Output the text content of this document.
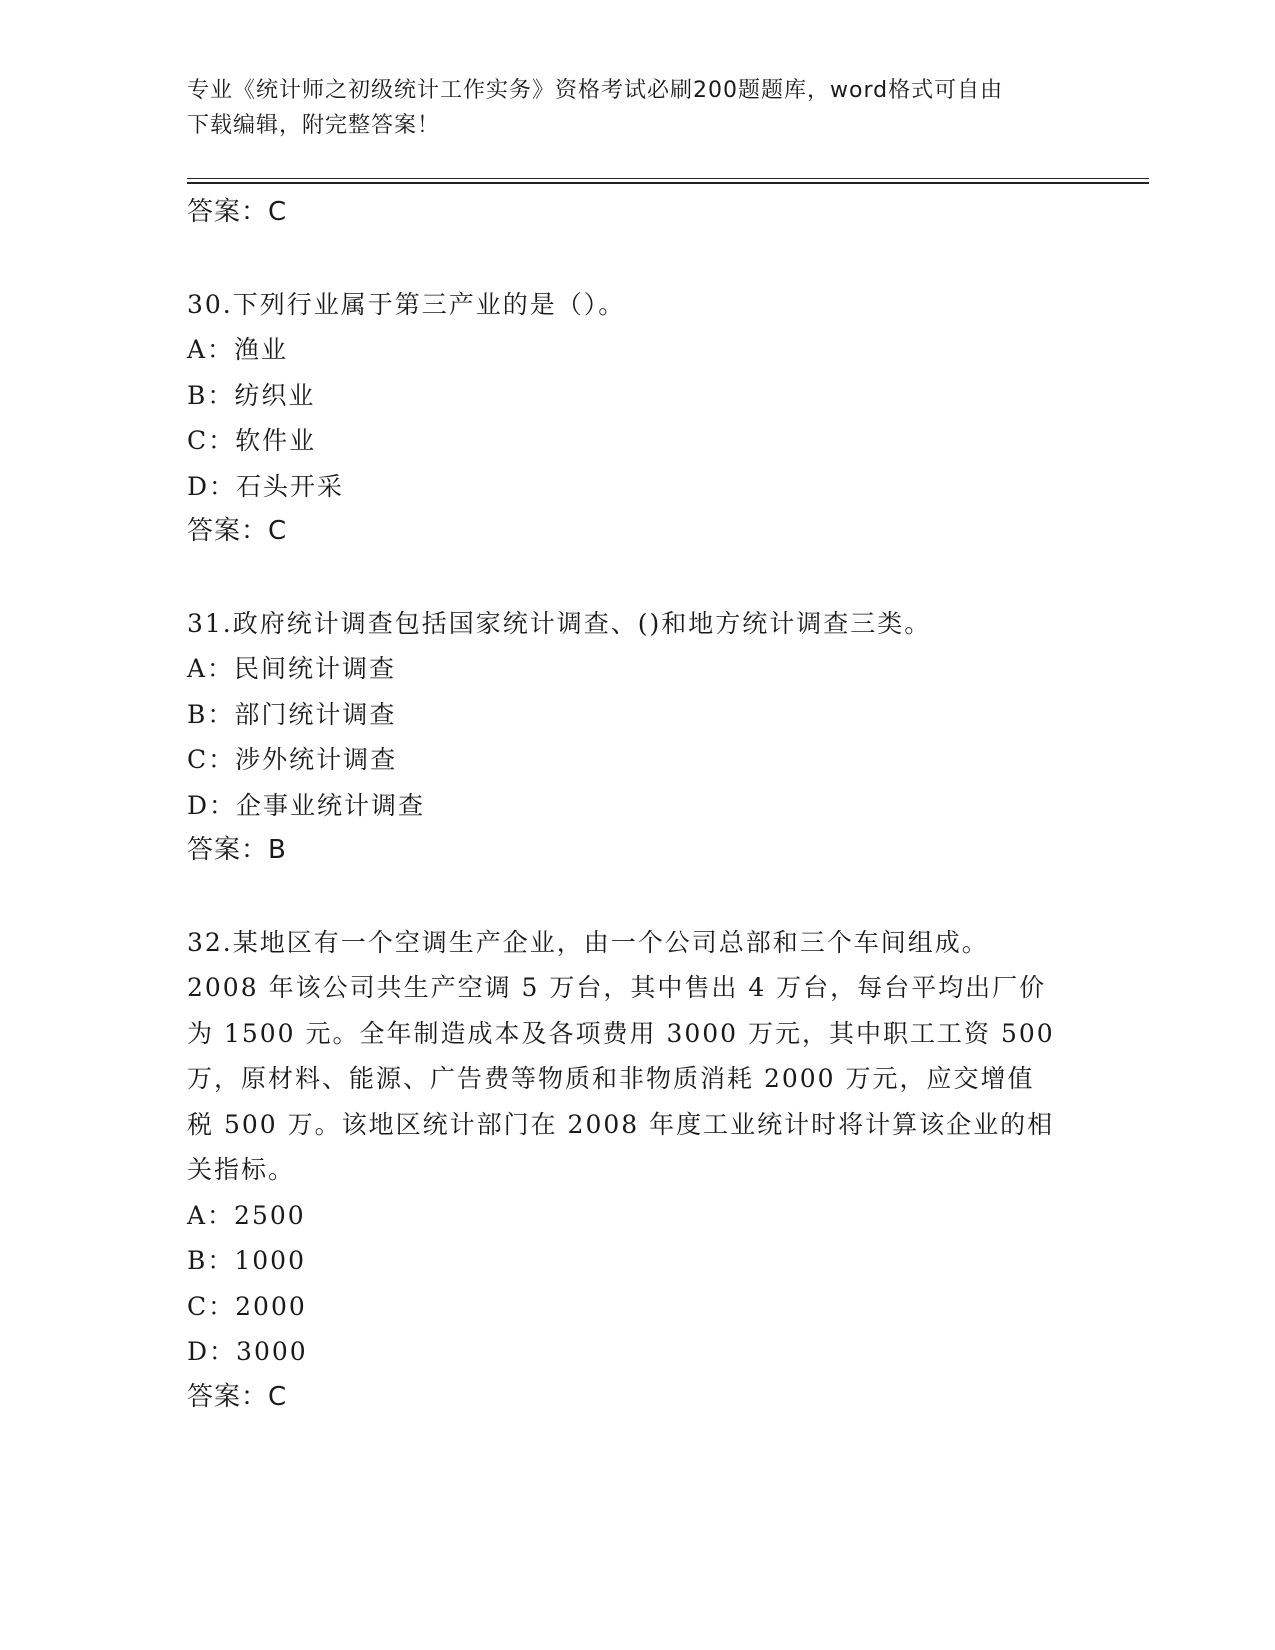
专业《统计师之初级统计工作实务》资格考试必刷200题题库，word格式可自由
下载编辑，附完整答案！
答案：C
30.下列行业属于第三产业的是（）。
A：渔业
B：纺织业
C：软件业
D：石头开采
答案：C
31.政府统计调查包括国家统计调查、()和地方统计调查三类。
A：民间统计调查
B：部门统计调查
C：涉外统计调查
D：企事业统计调查
答案：B
32.某地区有一个空调生产企业，由一个公司总部和三个车间组成。
2008 年该公司共生产空调 5 万台，其中售出 4 万台，每台平均出厂价
为 1500 元。全年制造成本及各项费用 3000 万元，其中职工工资 500
万，原材料、能源、广告费等物质和非物质消耗 2000 万元，应交增值
税 500 万。该地区统计部门在 2008 年度工业统计时将计算该企业的相
关指标。
A：2500
B：1000
C：2000
D：3000
答案：C
